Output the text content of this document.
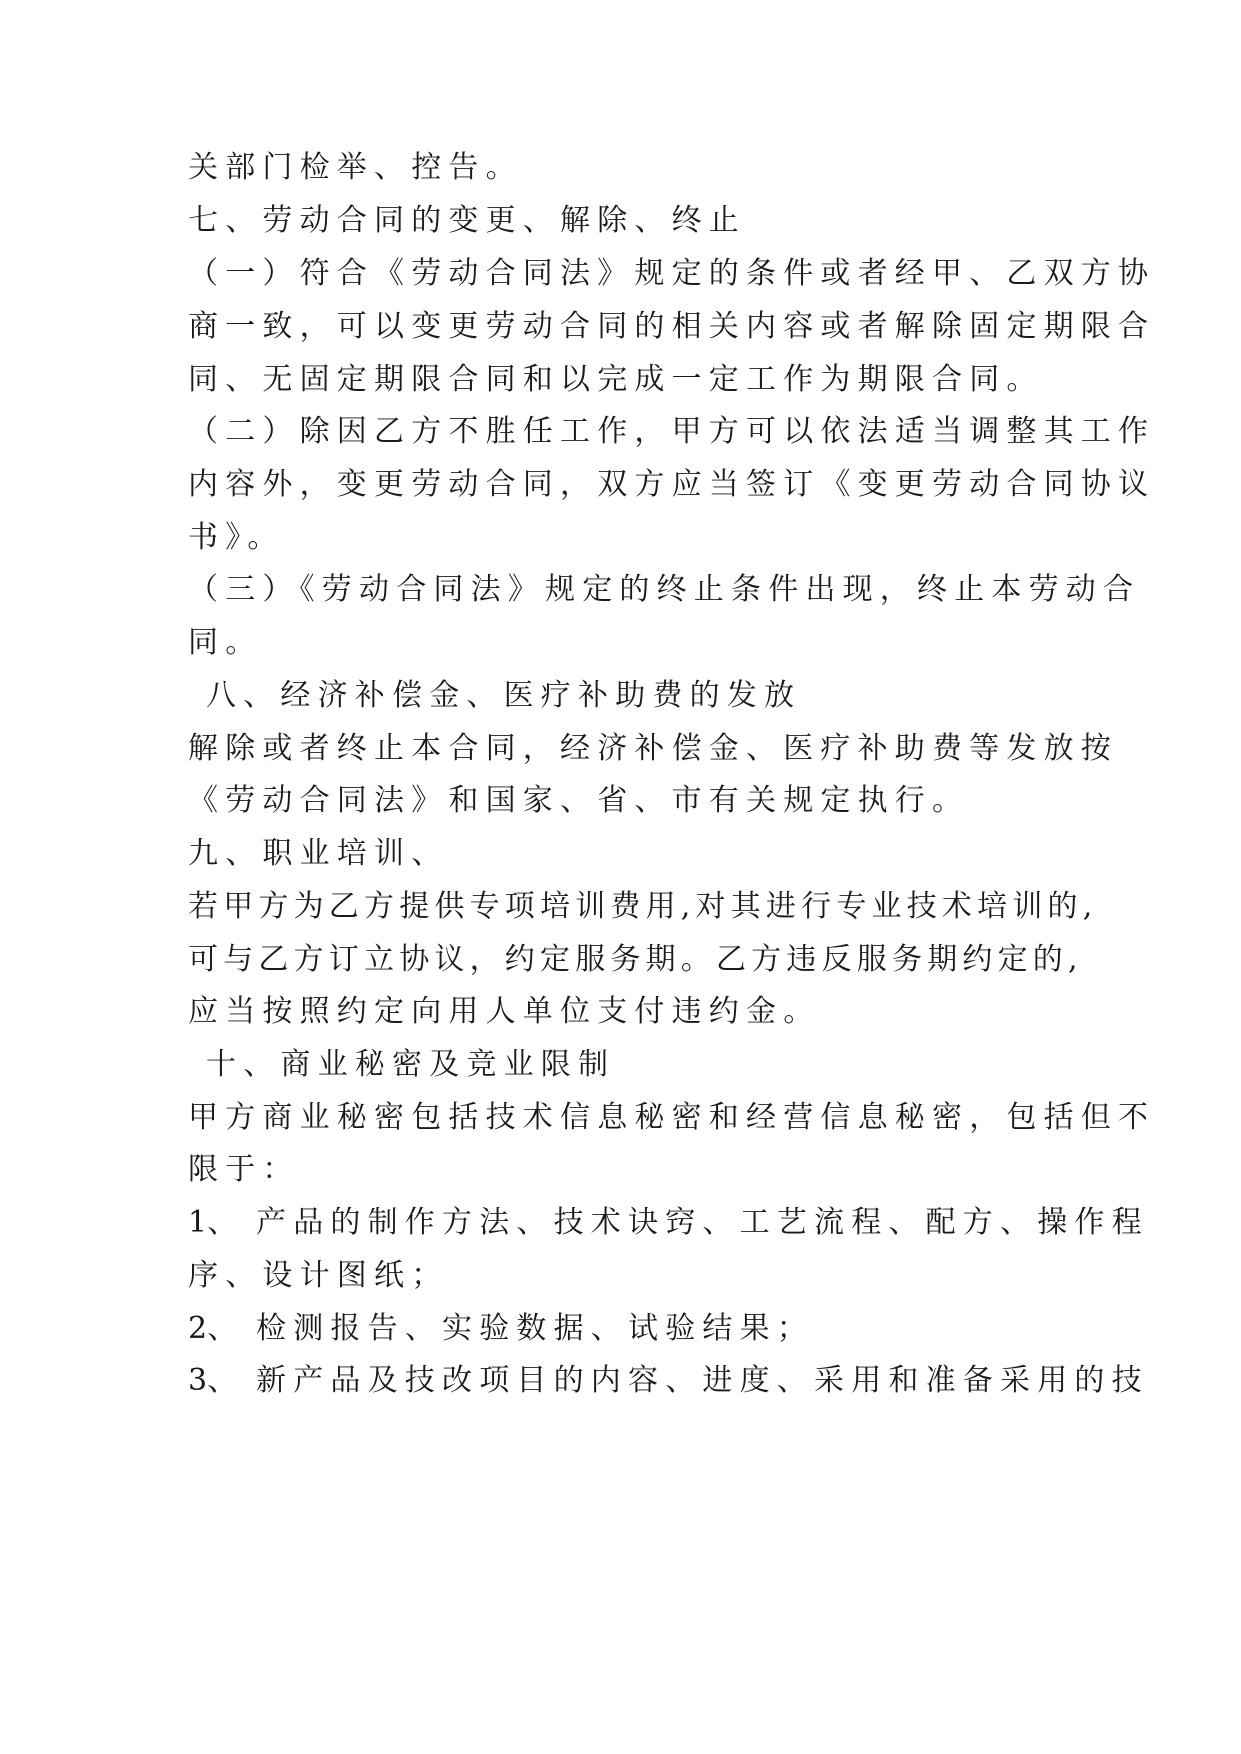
关部门检举、控告。
七、劳动合同的变更、解除、终止
（一）符合《劳动合同法》规定的条件或者经甲、乙双方协
商一致，可以变更劳动合同的相关内容或者解除固定期限合
同、无固定期限合同和以完成一定工作为期限合同。
（二）除因乙方不胜任工作，甲方可以依法适当调整其工作
内容外，变更劳动合同，双方应当签订《变更劳动合同协议
书》。
（三）《劳动合同法》规定的终止条件出现，终止本劳动合
同。
八、经济补偿金、医疗补助费的发放
解除或者终止本合同，经济补偿金、医疗补助费等发放按
《劳动合同法》和国家、省、市有关规定执行。
九、职业培训、
若甲方为乙方提供专项培训费用,对其进行专业技术培训的,
可与乙方订立协议，约定服务期。乙方违反服务期约定的,
应当按照约定向用人单位支付违约金。
十、商业秘密及竞业限制
甲方商业秘密包括技术信息秘密和经营信息秘密，包括但不
限于：
1、 产品的制作方法、技术诀窍、工艺流程、配方、操作程
序、设计图纸；
2、 检测报告、实验数据、试验结果；
3、 新产品及技改项目的内容、进度、采用和准备采用的技
